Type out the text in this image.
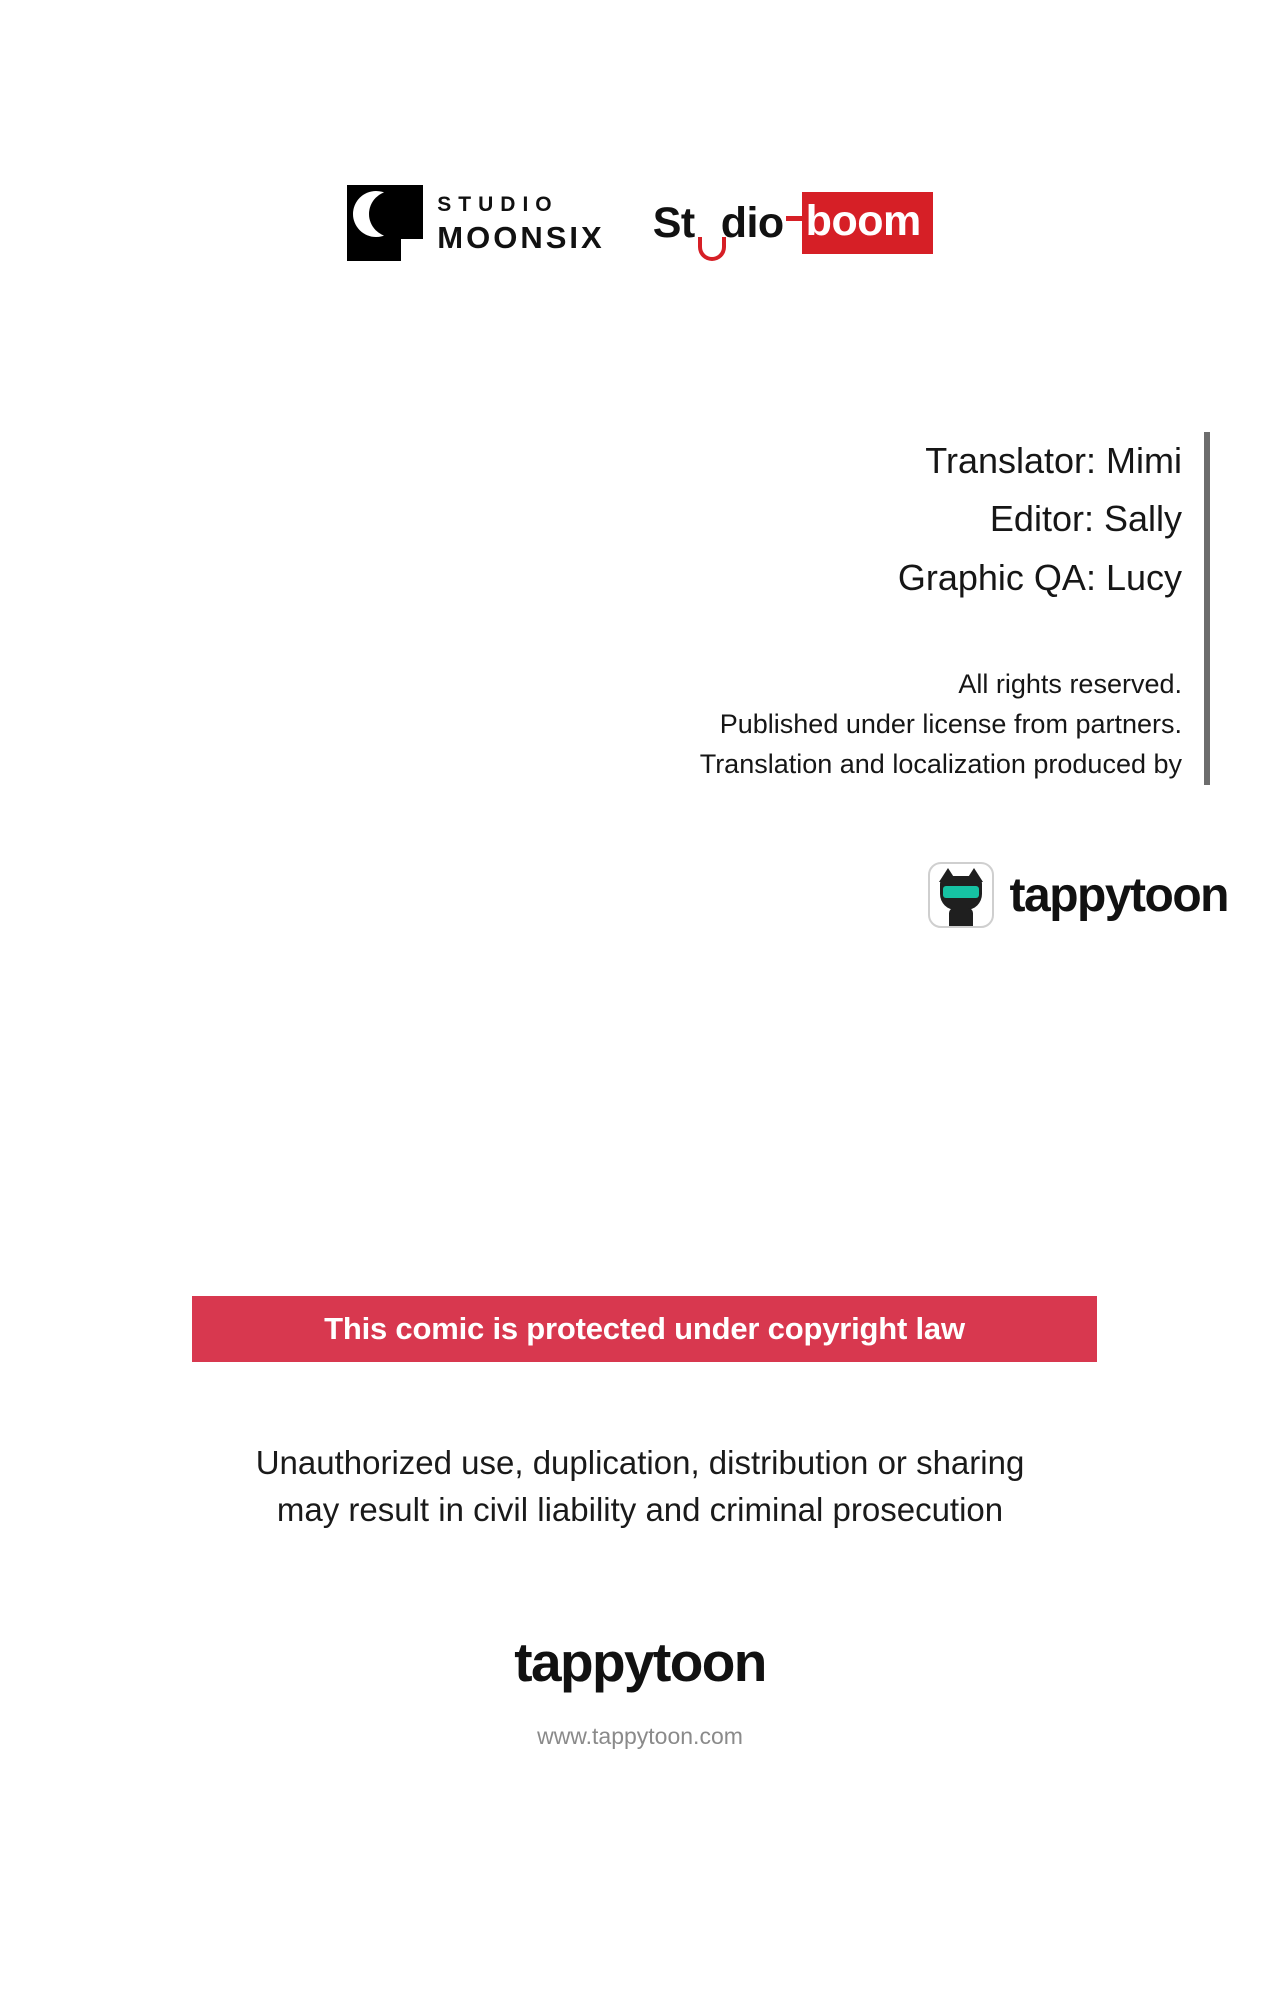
STUDIO
MOONSIX St dio boom
Translator: Mimi
Editor: Sally
Graphic QA: Lucy
All rights reserved.
Published under license from partners.
Translation and localization produced by
tappytoon
This comic is protected under copyright law
Unauthorized use, duplication, distribution or sharing
may result in civil liability and criminal prosecution
tappytoon
www.tappytoon.com
